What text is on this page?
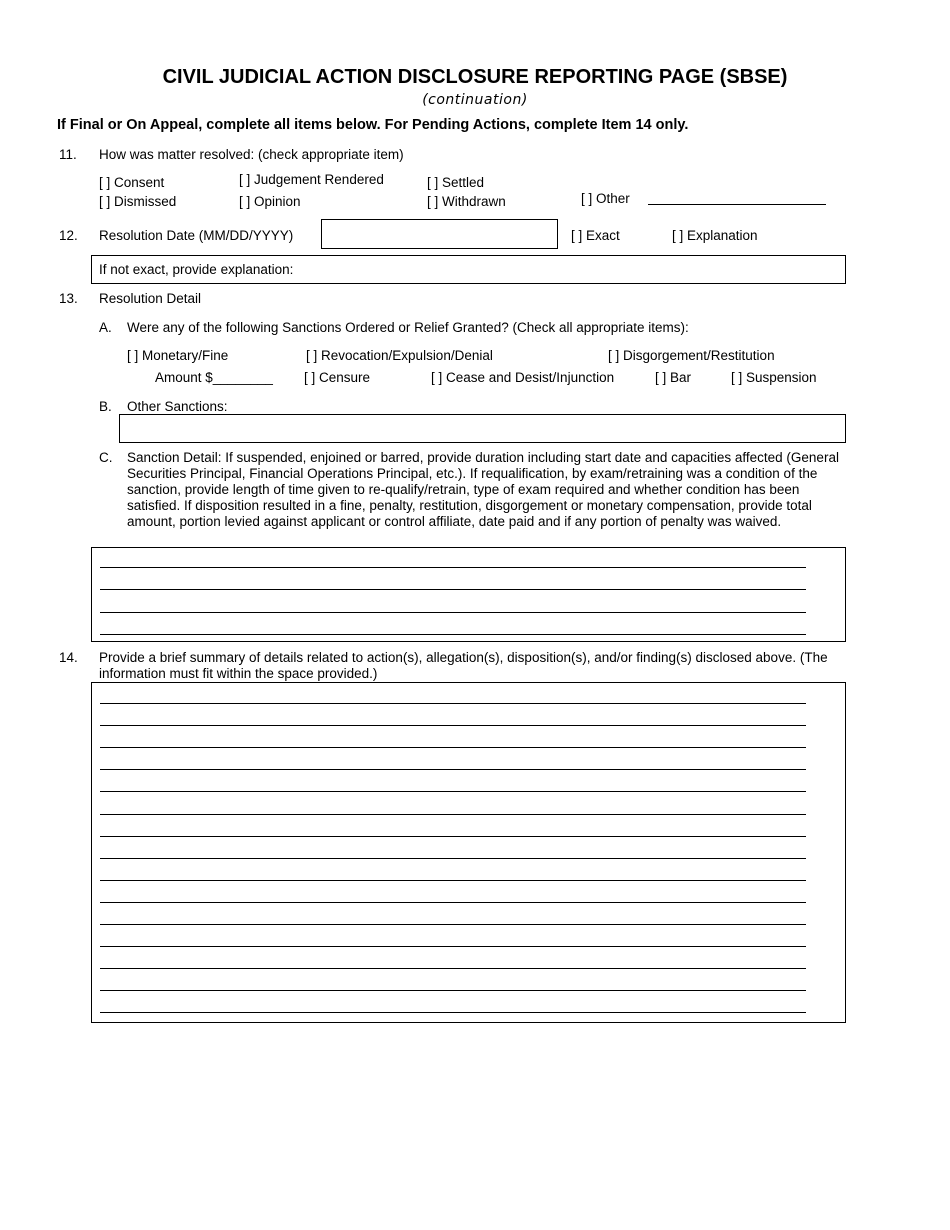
CIVIL JUDICIAL ACTION DISCLOSURE REPORTING PAGE (SBSE)
(continuation)
If Final or On Appeal, complete all items below. For Pending Actions, complete Item 14 only.
11. How was matter resolved: (check appropriate item)
[ ] Consent	[ ] Judgement Rendered	[ ] Settled
[ ] Dismissed	[ ] Opinion	[ ] Withdrawn	[ ] Other
12. Resolution Date (MM/DD/YYYY)	[ ] Exact	[ ] Explanation
If not exact, provide explanation:
13. Resolution Detail
A. Were any of the following Sanctions Ordered or Relief Granted? (Check all appropriate items):
[ ] Monetary/Fine	[ ] Revocation/Expulsion/Denial	[ ] Disgorgement/Restitution
Amount $________ [ ] Censure	[ ] Cease and Desist/Injunction	[ ] Bar	[ ] Suspension
B. Other Sanctions:
C. Sanction Detail: If suspended, enjoined or barred, provide duration including start date and capacities affected (General Securities Principal, Financial Operations Principal, etc.). If requalification, by exam/retraining was a condition of the sanction, provide length of time given to re-qualify/retrain, type of exam required and whether condition has been satisfied. If disposition resulted in a fine, penalty, restitution, disgorgement or monetary compensation, provide total amount, portion levied against applicant or control affiliate, date paid and if any portion of penalty was waived.
14. Provide a brief summary of details related to action(s), allegation(s), disposition(s), and/or finding(s) disclosed above. (The information must fit within the space provided.)
